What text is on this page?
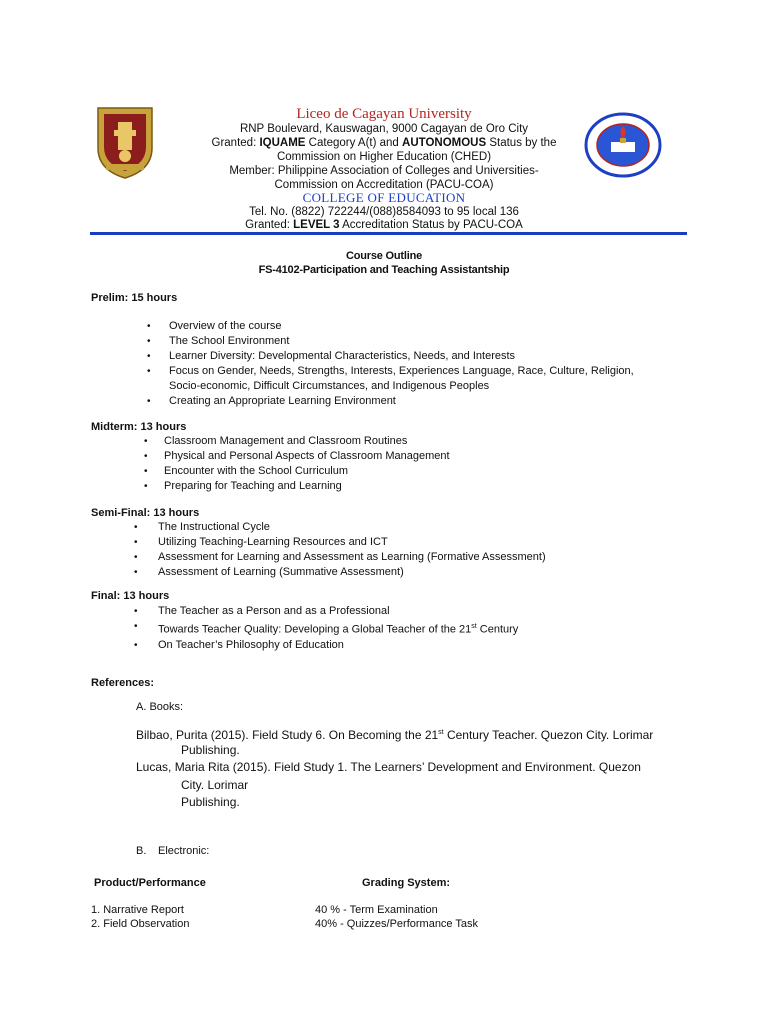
Liceo de Cagayan University
RNP Boulevard, Kauswagan, 9000 Cagayan de Oro City
Granted: IQUAME Category A(t) and AUTONOMOUS Status by the
Commission on Higher Education (CHED)
Member: Philippine Association of Colleges and Universities-
Commission on Accreditation (PACU-COA)
COLLEGE OF EDUCATION
Tel. No. (8822) 722244/(088)8584093 to 95 local 136
Granted: LEVEL 3 Accreditation Status by PACU-COA
Course Outline
FS-4102-Participation and Teaching Assistantship
Prelim: 15 hours
• Overview of the course
• The School Environment
• Learner Diversity: Developmental Characteristics, Needs, and Interests
• Focus on Gender, Needs, Strengths, Interests, Experiences Language, Race, Culture, Religion,
Socio-economic, Difficult Circumstances, and Indigenous Peoples
• Creating an Appropriate Learning Environment
Midterm: 13 hours
• Classroom Management and Classroom Routines
• Physical and Personal Aspects of Classroom Management
• Encounter with the School Curriculum
• Preparing for Teaching and Learning
Semi-Final: 13 hours
• The Instructional Cycle
• Utilizing Teaching-Learning Resources and ICT
• Assessment for Learning and Assessment as Learning (Formative Assessment)
• Assessment of Learning (Summative Assessment)
Final: 13 hours
• The Teacher as a Person and as a Professional
• Towards Teacher Quality: Developing a Global Teacher of the 21st Century
• On Teacher’s Philosophy of Education
References:
A. Books:
Bilbao, Purita (2015). Field Study 6. On Becoming the 21st Century Teacher. Quezon City. Lorimar
Publishing.
Lucas, Maria Rita (2015). Field Study 1. The Learners’ Development and Environment. Quezon
City. Lorimar
Publishing.
B. Electronic:
Product/Performance	Grading System:
1. Narrative Report	40 % - Term Examination
2. Field Observation	40% - Quizzes/Performance Task
